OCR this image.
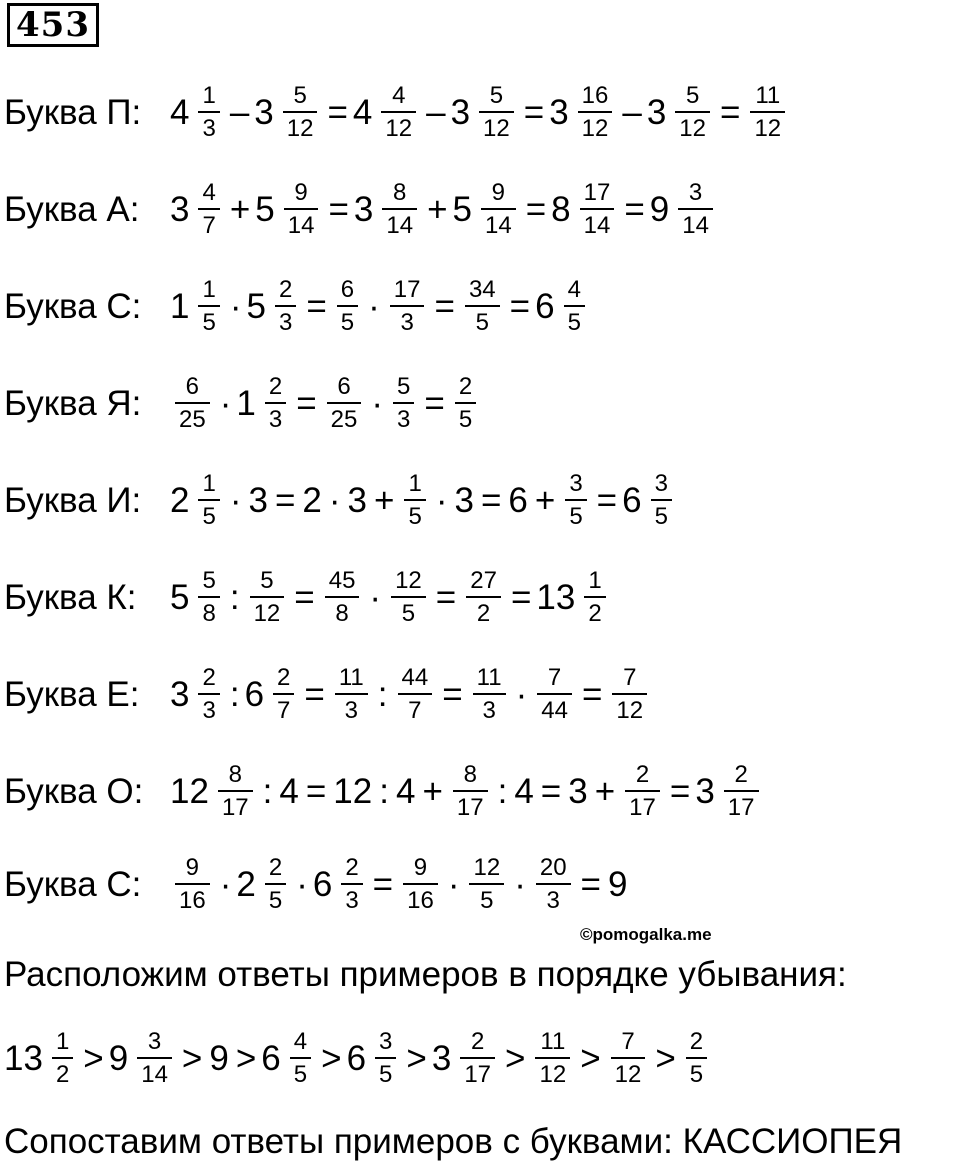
453
Буква П: $4 \frac{1}{3} - 3 \frac{5}{12} = 4 \frac{4}{12} - 3 \frac{5}{12} = 3 \frac{16}{12} - 3 \frac{5}{12} = \frac{11}{12}$
Буква А: $3 \frac{4}{7} + 5 \frac{9}{14} = 3 \frac{8}{14} + 5 \frac{9}{14} = 8 \frac{17}{14} = 9 \frac{3}{14}$
Буква С: $1 \frac{1}{5} \cdot 5 \frac{2}{3} = \frac{6}{5} \cdot \frac{17}{3} = \frac{34}{5} = 6 \frac{4}{5}$
Буква Я:	$\frac{6}{25} \cdot 1 \frac{2}{3} = \frac{6}{25} \cdot \frac{5}{3} = \frac{2}{5}$
Буква И: $2 \frac{1}{5} \cdot 3 = 2 \cdot 3 + \frac{1}{5} \cdot 3 = 6 + \frac{3}{5} = 6 \frac{3}{5}$
Буква К: $5 \frac{5}{8}$ : $\frac{5}{12} = \frac{45}{8} \cdot \frac{12}{5} = \frac{27}{2} = 13 \frac{1}{2}$
Буква Е: $3 \frac{2}{3}$ : $6 \frac{2}{7} = \frac{11}{3}$ : $\frac{44}{7} = \frac{11}{3} \cdot \frac{7}{44} = \frac{7}{12}$
Буква О: $12 \frac{8}{17}$ : 4 = 12 : $4 + \frac{8}{17}$ : $4 = 3 + \frac{2}{17} = 3 \frac{2}{17}$
Буква С:	$\frac{9}{16} \cdot 2 \frac{2}{5} \cdot 6 \frac{2}{3} = \frac{9}{16} \cdot \frac{12}{5} \cdot \frac{20}{3} = 9$
©pomogalka.me
Расположим ответы примеров в порядке убывания:
$13 \frac{1}{2} > 9 \frac{3}{14} > 9 > 6 \frac{4}{5} > 6 \frac{3}{5} > 3 \frac{2}{17} > \frac{11}{12} > \frac{7}{12} > \frac{2}{5}$
Сопоставим ответы примеров с буквами: КАССИОПЕЯ
